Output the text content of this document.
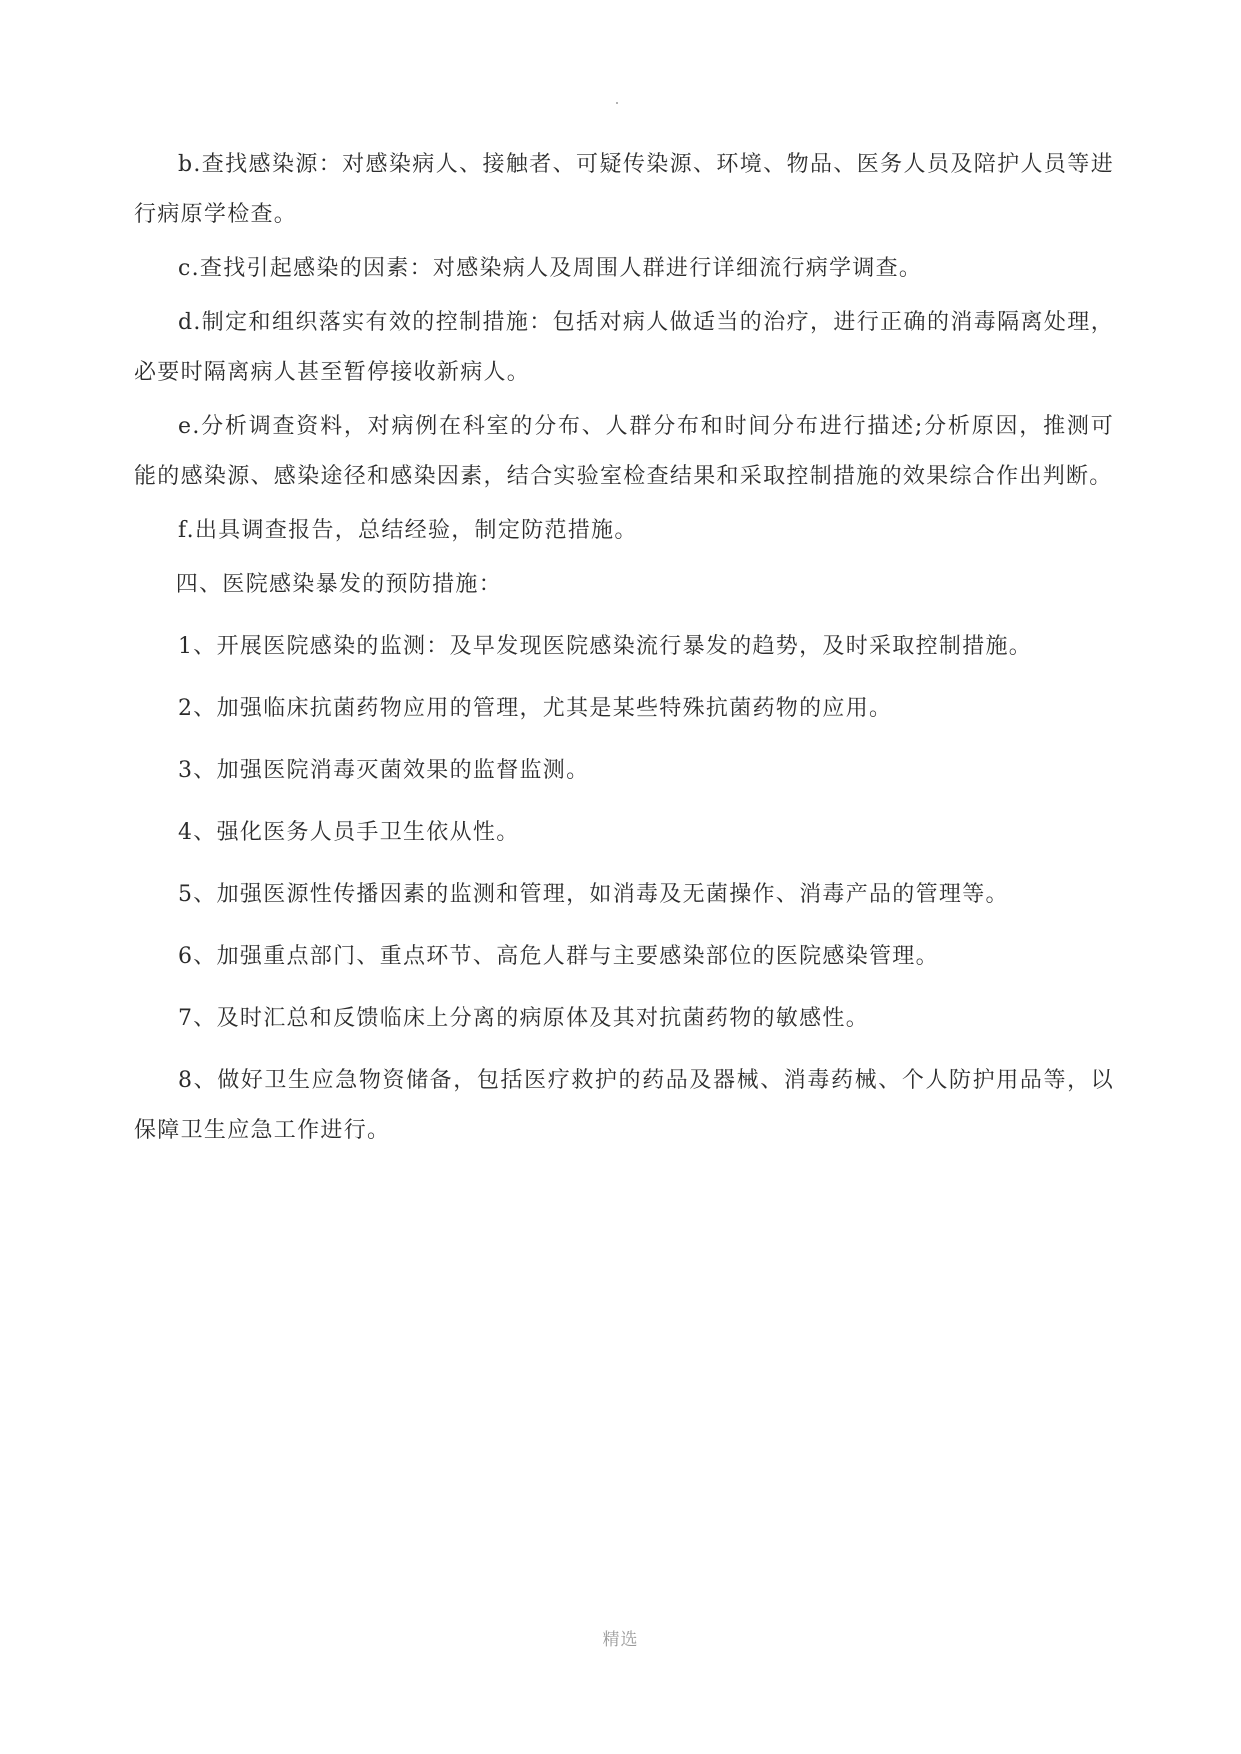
b.查找感染源：对感染病人、接触者、可疑传染源、环境、物品、医务人员及陪护人员等进行病原学检查。

c.查找引起感染的因素：对感染病人及周围人群进行详细流行病学调查。

d.制定和组织落实有效的控制措施：包括对病人做适当的治疗，进行正确的消毒隔离处理，必要时隔离病人甚至暂停接收新病人。

e.分析调查资料，对病例在科室的分布、人群分布和时间分布进行描述;分析原因，推测可能的感染源、感染途径和感染因素，结合实验室检查结果和采取控制措施的效果综合作出判断。

f.出具调查报告，总结经验，制定防范措施。

四、医院感染暴发的预防措施：

1、开展医院感染的监测：及早发现医院感染流行暴发的趋势，及时采取控制措施。

2、加强临床抗菌药物应用的管理，尤其是某些特殊抗菌药物的应用。

3、加强医院消毒灭菌效果的监督监测。

4、强化医务人员手卫生依从性。

5、加强医源性传播因素的监测和管理，如消毒及无菌操作、消毒产品的管理等。

6、加强重点部门、重点环节、高危人群与主要感染部位的医院感染管理。

7、及时汇总和反馈临床上分离的病原体及其对抗菌药物的敏感性。

8、做好卫生应急物资储备，包括医疗救护的药品及器械、消毒药械、个人防护用品等，以保障卫生应急工作进行。

精选
